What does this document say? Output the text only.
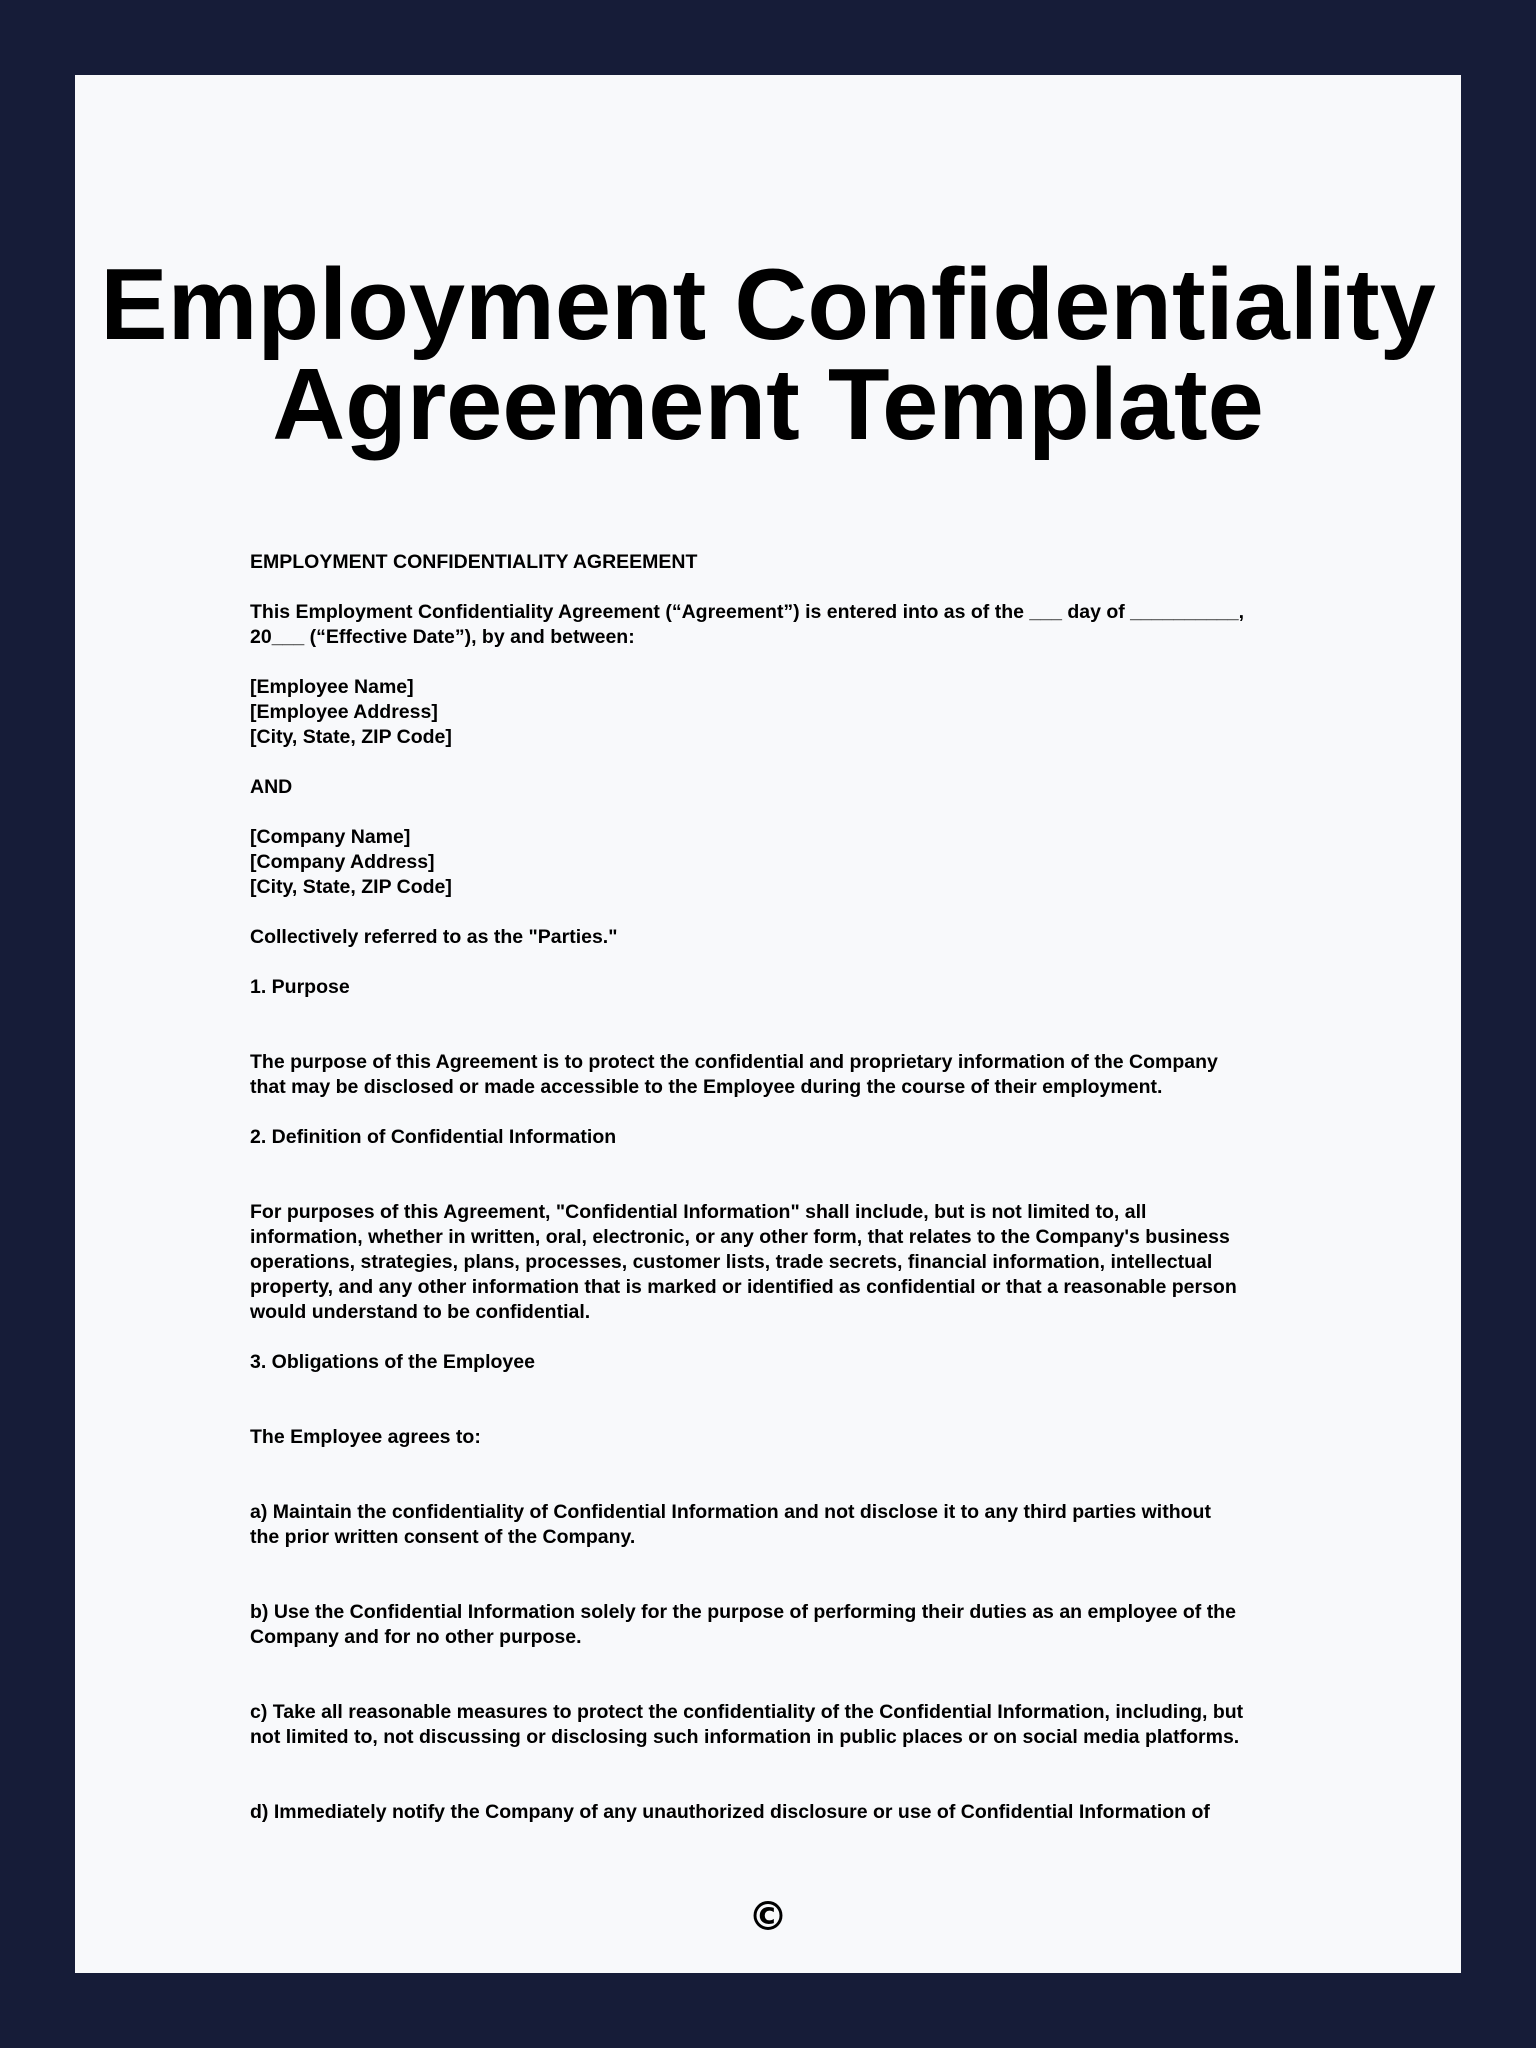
Employment Confidentiality
Agreement Template

EMPLOYMENT CONFIDENTIALITY AGREEMENT

This Employment Confidentiality Agreement (“Agreement”) is entered into as of the ___ day of __________,

20___ (“Effective Date”), by and between:

[Employee Name]

[Employee Address]

[City, State, ZIP Code]

AND

[Company Name]

[Company Address]

[City, State, ZIP Code]

Collectively referred to as the "Parties."

1. Purpose

The purpose of this Agreement is to protect the confidential and proprietary information of the Company

that may be disclosed or made accessible to the Employee during the course of their employment.

2. Definition of Confidential Information

For purposes of this Agreement, "Confidential Information" shall include, but is not limited to, all

information, whether in written, oral, electronic, or any other form, that relates to the Company's business

operations, strategies, plans, processes, customer lists, trade secrets, financial information, intellectual

property, and any other information that is marked or identified as confidential or that a reasonable person

would understand to be confidential.

3. Obligations of the Employee

The Employee agrees to:

a) Maintain the confidentiality of Confidential Information and not disclose it to any third parties without

the prior written consent of the Company.

b) Use the Confidential Information solely for the purpose of performing their duties as an employee of the

Company and for no other purpose.

c) Take all reasonable measures to protect the confidentiality of the Confidential Information, including, but

not limited to, not discussing or disclosing such information in public places or on social media platforms.

d) Immediately notify the Company of any unauthorized disclosure or use of Confidential Information of

©
